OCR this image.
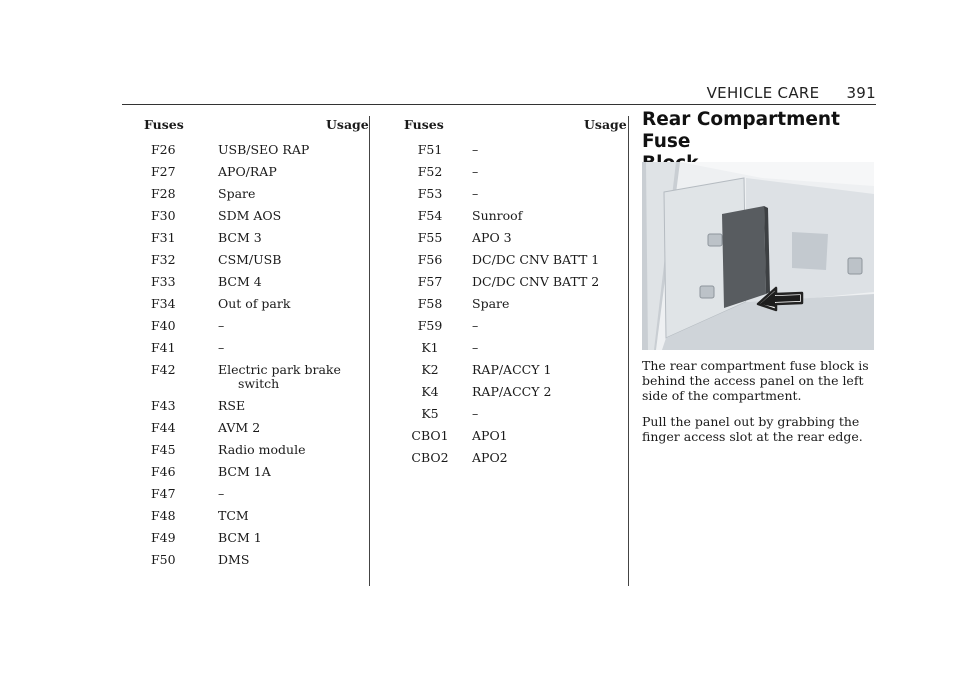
VEHICLE CARE 391
Fuses	Usage
F26	USB/SEO RAP
F27	APO/RAP
F28	Spare
F30	SDM AOS
F31	BCM 3
F32	CSM/USB
F33	BCM 4
F34	Out of park
F40	–
F41	–
F42	Electric park brake
switch
F43	RSE
F44	AVM 2
F45	Radio module
F46	BCM 1A
F47	–
F48	TCM
F49	BCM 1
F50	DMS
Fuses	Usage
F51	–
F52	–
F53	–
F54	Sunroof
F55	APO 3
F56	DC/DC CNV BATT 1
F57	DC/DC CNV BATT 2
F58	Spare
F59	–
K1	–
K2	RAP/ACCY 1
K4	RAP/ACCY 2
K5	–
CBO1	APO1
CBO2	APO2
Rear Compartment Fuse

The rear compartment fuse block is
behind the access panel on the left
side of the compartment.

Pull the panel out by grabbing the
finger access slot at the rear edge.
